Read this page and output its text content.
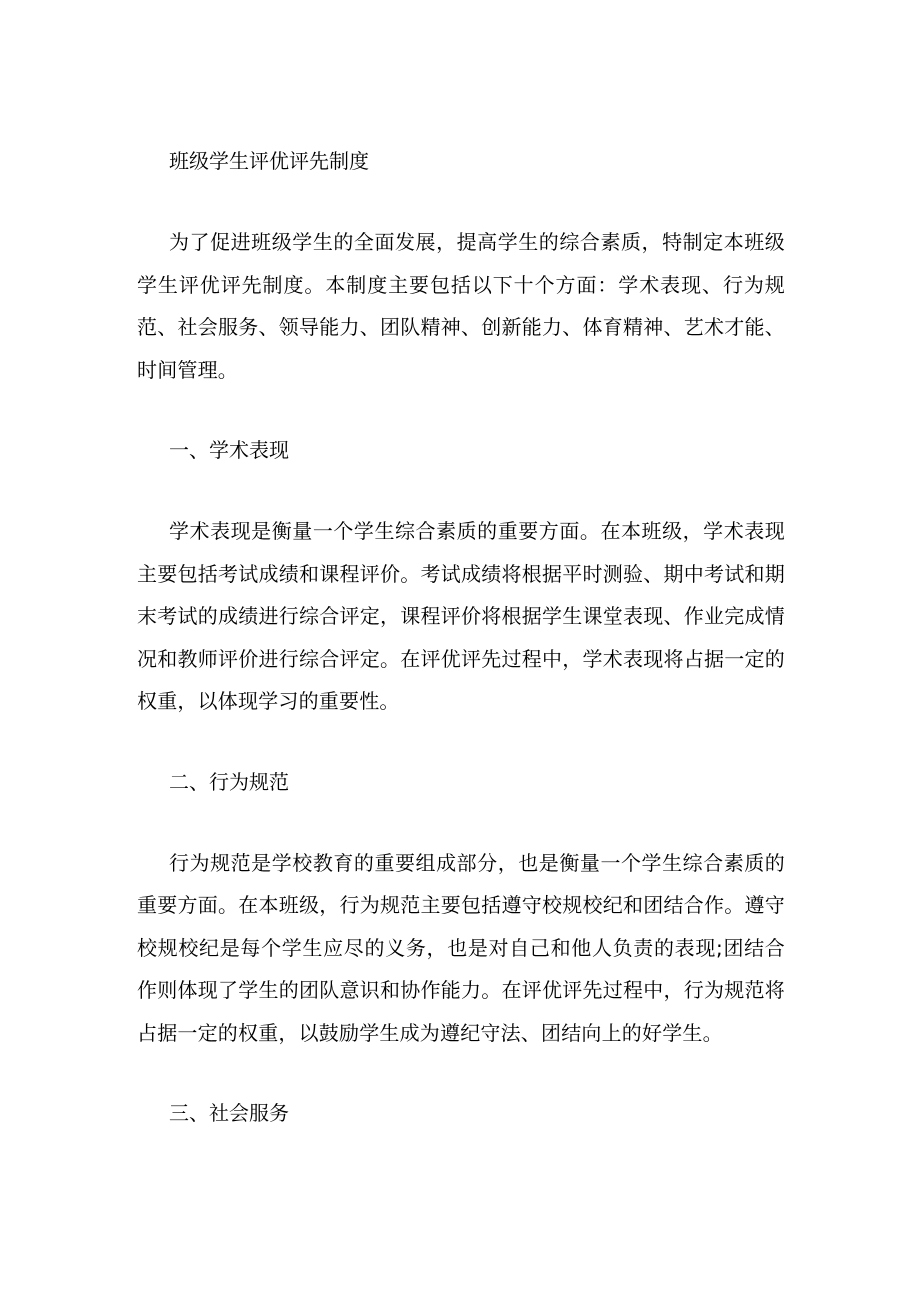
班级学生评优评先制度

为了促进班级学生的全面发展，提高学生的综合素质，特制定本班级学生评优评先制度。本制度主要包括以下十个方面：学术表现、行为规范、社会服务、领导能力、团队精神、创新能力、体育精神、艺术才能、时间管理。

一、学术表现

学术表现是衡量一个学生综合素质的重要方面。在本班级，学术表现主要包括考试成绩和课程评价。考试成绩将根据平时测验、期中考试和期末考试的成绩进行综合评定，课程评价将根据学生课堂表现、作业完成情况和教师评价进行综合评定。在评优评先过程中，学术表现将占据一定的权重，以体现学习的重要性。

二、行为规范

行为规范是学校教育的重要组成部分，也是衡量一个学生综合素质的重要方面。在本班级，行为规范主要包括遵守校规校纪和团结合作。遵守校规校纪是每个学生应尽的义务，也是对自己和他人负责的表现;团结合作则体现了学生的团队意识和协作能力。在评优评先过程中，行为规范将占据一定的权重，以鼓励学生成为遵纪守法、团结向上的好学生。

三、社会服务
